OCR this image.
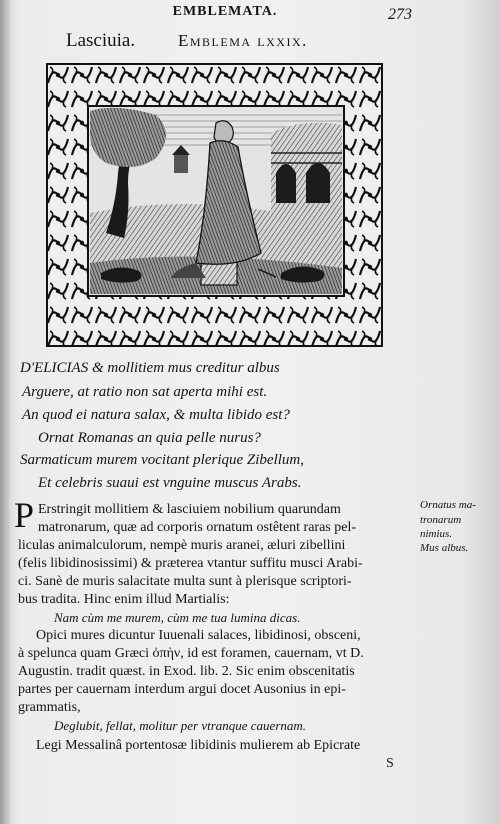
EMBLEMATA.	273
Lasciuia.	Emblema lxxix.
D'ELICIAS & mollitiem mus creditur albus
Arguere, at ratio non sat aperta mihi est.
An quod ei natura salax, & multa libido est?
Ornat Romanas an quia pelle nurus?
Sarmaticum murem vocitant plerique Zibellum,
Et celebris suaui est vnguine muscus Arabs.
P Erstringit mollitiem & lasciuiem nobilium quarundam
matronarum, quæ ad corporis ornatum ostêtent raras pel-
liculas animalculorum, nempè muris aranei, æluri zibellini
(felis libidinosissimi) & præterea vtantur suffitu musci Arabi-
ci. Sanè de muris salacitate multa sunt à plerisque scriptori-
bus tradita. Hinc enim illud Martialis:
Nam cùm me murem, cùm me tua lumina dicas.
Opici mures dicuntur Iuuenali salaces, libidinosi, obsceni,
à spelunca quam Græci ὀπὴν, id est foramen, cauernam, vt D.
Augustin. tradit quæst. in Exod. lib. 2. Sic enim obscenitatis
partes per cauernam interdum argui docet Ausonius in epi-
grammatis,
Deglubit, fellat, molitur per vtranque cauernam.
Legi Messalinâ portentosæ libidinis mulierem ab Epicrate
S
Ornatus ma-
tronarum
nimius.
Mus albus.
